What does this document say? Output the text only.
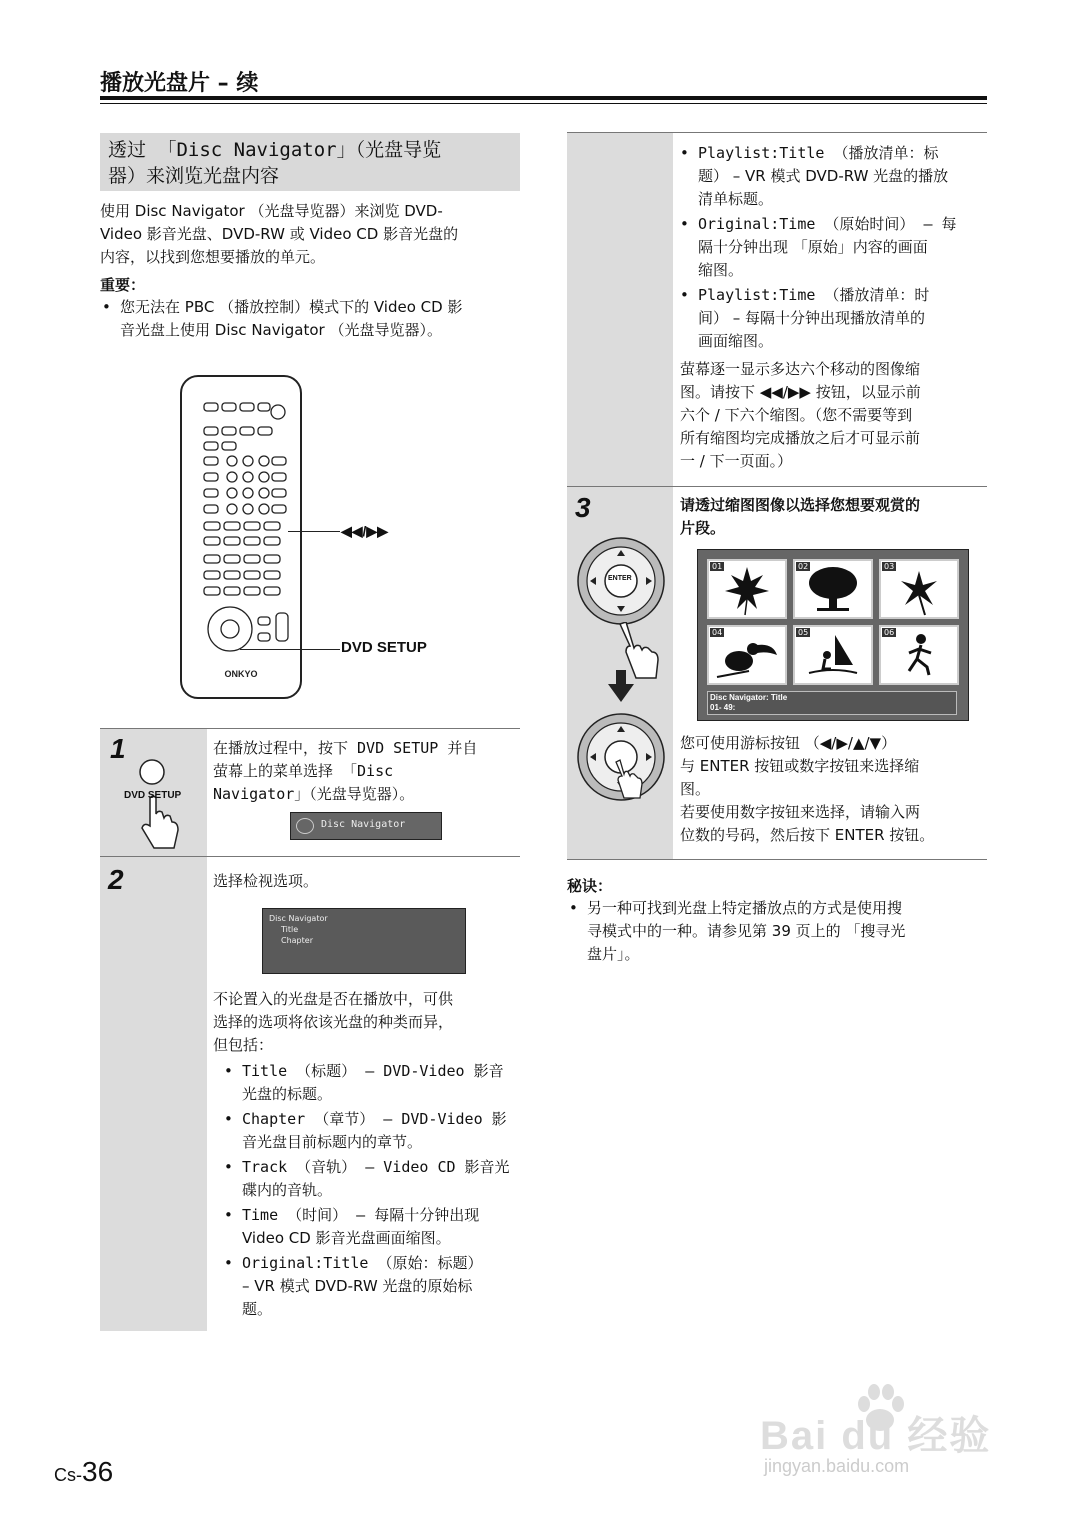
播放光盘片 – 续
透过 「Disc Navigator」（光盘导览
器）来浏览光盘内容
使用 Disc Navigator （光盘导览器）来浏览 DVD-
Video 影音光盘、DVD-RW 或 Video CD 影音光盘的
内容，以找到您想要播放的单元。
重要：
• 您无法在 PBC （播放控制）模式下的 Video CD 影
音光盘上使用 Disc Navigator （光盘导览器）。
ONKYO
◀◀/▶▶
DVD SETUP
1
DVD SETUP
在播放过程中，按下 DVD SETUP 并自
萤幕上的菜单选择 「Disc
Navigator」（光盘导览器）。
Disc Navigator
2	选择检视选项。
Disc Navigator
Title
Chapter
不论置入的光盘是否在播放中，可供
选择的选项将依该光盘的种类而异，
但包括：
• Title （标题） – DVD-Video 影音
光盘的标题。
• Chapter （章节） – DVD-Video 影
音光盘目前标题内的章节。
• Track （音轨） – Video CD 影音光
碟内的音轨。
• Time （时间） – 每隔十分钟出现
Video CD 影音光盘画面缩图。
• Original:Title （原始：标题）
– VR 模式 DVD-RW 光盘的原始标
题。
• Playlist:Title （播放清单：标
题） – VR 模式 DVD-RW 光盘的播放
清单标题。
• Original:Time （原始时间） – 每
隔十分钟出现 「原始」内容的画面
缩图。
• Playlist:Time （播放清单：时
间） – 每隔十分钟出现播放清单的
画面缩图。
萤幕逐一显示多达六个移动的图像缩
图。请按下 ◀◀/▶▶ 按钮，以显示前
六个 / 下六个缩图。（您不需要等到
所有缩图均完成播放之后才可显示前
一 / 下一页面。）
3	请透过缩图图像以选择您想要观赏的
片段。
ENTER
01	02	03
04	05	06
Disc Navigator: Title
01- 49:
您可使用游标按钮 （◀/▶/▲/▼）
与 ENTER 按钮或数字按钮来选择缩
图。
若要使用数字按钮来选择，请输入两
位数的号码，然后按下 ENTER 按钮。
秘诀：
• 另一种可找到光盘上特定播放点的方式是使用搜
寻模式中的一种。请参见第 39 页上的 「搜寻光
盘片」。
Cs-36
Bai du 经验
jingyan.baidu.com
